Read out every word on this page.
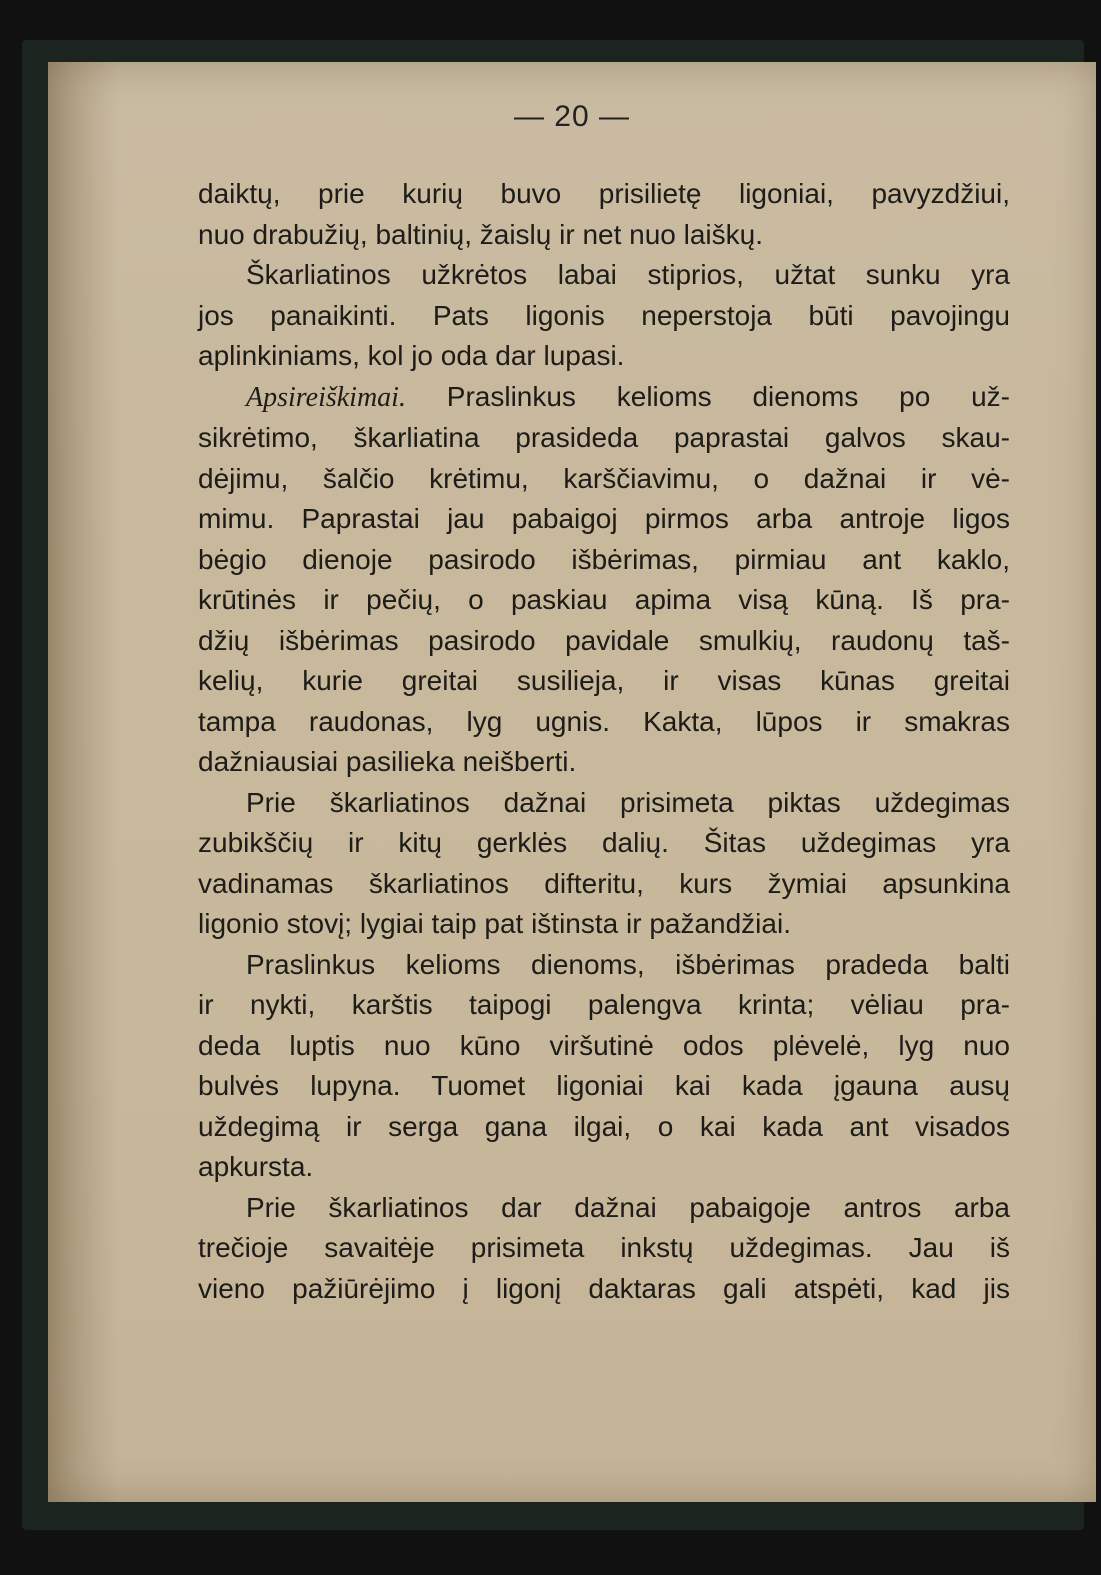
— 20 —
daiktų, prie kurių buvo prisilietę ligoniai, pavyzdžiui,
nuo drabužių, baltinių, žaislų ir net nuo laiškų.
Škarliatinos užkrėtos labai stiprios, užtat sunku yra
jos panaikinti. Pats ligonis neperstoja būti pavojingu
aplinkiniams, kol jo oda dar lupasi.
Apsireiškimai. Praslinkus kelioms dienoms po už-
sikrėtimo, škarliatina prasideda paprastai galvos skau-
dėjimu, šalčio krėtimu, karščiavimu, o dažnai ir vė-
mimu. Paprastai jau pabaigoj pirmos arba antroje ligos
bėgio dienoje pasirodo išbėrimas, pirmiau ant kaklo,
krūtinės ir pečių, o paskiau apima visą kūną. Iš pra-
džių išbėrimas pasirodo pavidale smulkių, raudonų taš-
kelių, kurie greitai susilieja, ir visas kūnas greitai
tampa raudonas, lyg ugnis. Kakta, lūpos ir smakras
dažniausiai pasilieka neišberti.
Prie škarliatinos dažnai prisimeta piktas uždegimas
zubikščių ir kitų gerklės dalių. Šitas uždegimas yra
vadinamas škarliatinos difteritu, kurs žymiai apsunkina
ligonio stovį; lygiai taip pat ištinsta ir pažandžiai.
Praslinkus kelioms dienoms, išbėrimas pradeda balti
ir nykti, karštis taipogi palengva krinta; vėliau pra-
deda luptis nuo kūno viršutinė odos plėvelė, lyg nuo
bulvės lupyna. Tuomet ligoniai kai kada įgauna ausų
uždegimą ir serga gana ilgai, o kai kada ant visados
apkursta.
Prie škarliatinos dar dažnai pabaigoje antros arba
trečioje savaitėje prisimeta inkstų uždegimas. Jau iš
vieno pažiūrėjimo į ligonį daktaras gali atspėti, kad jis
